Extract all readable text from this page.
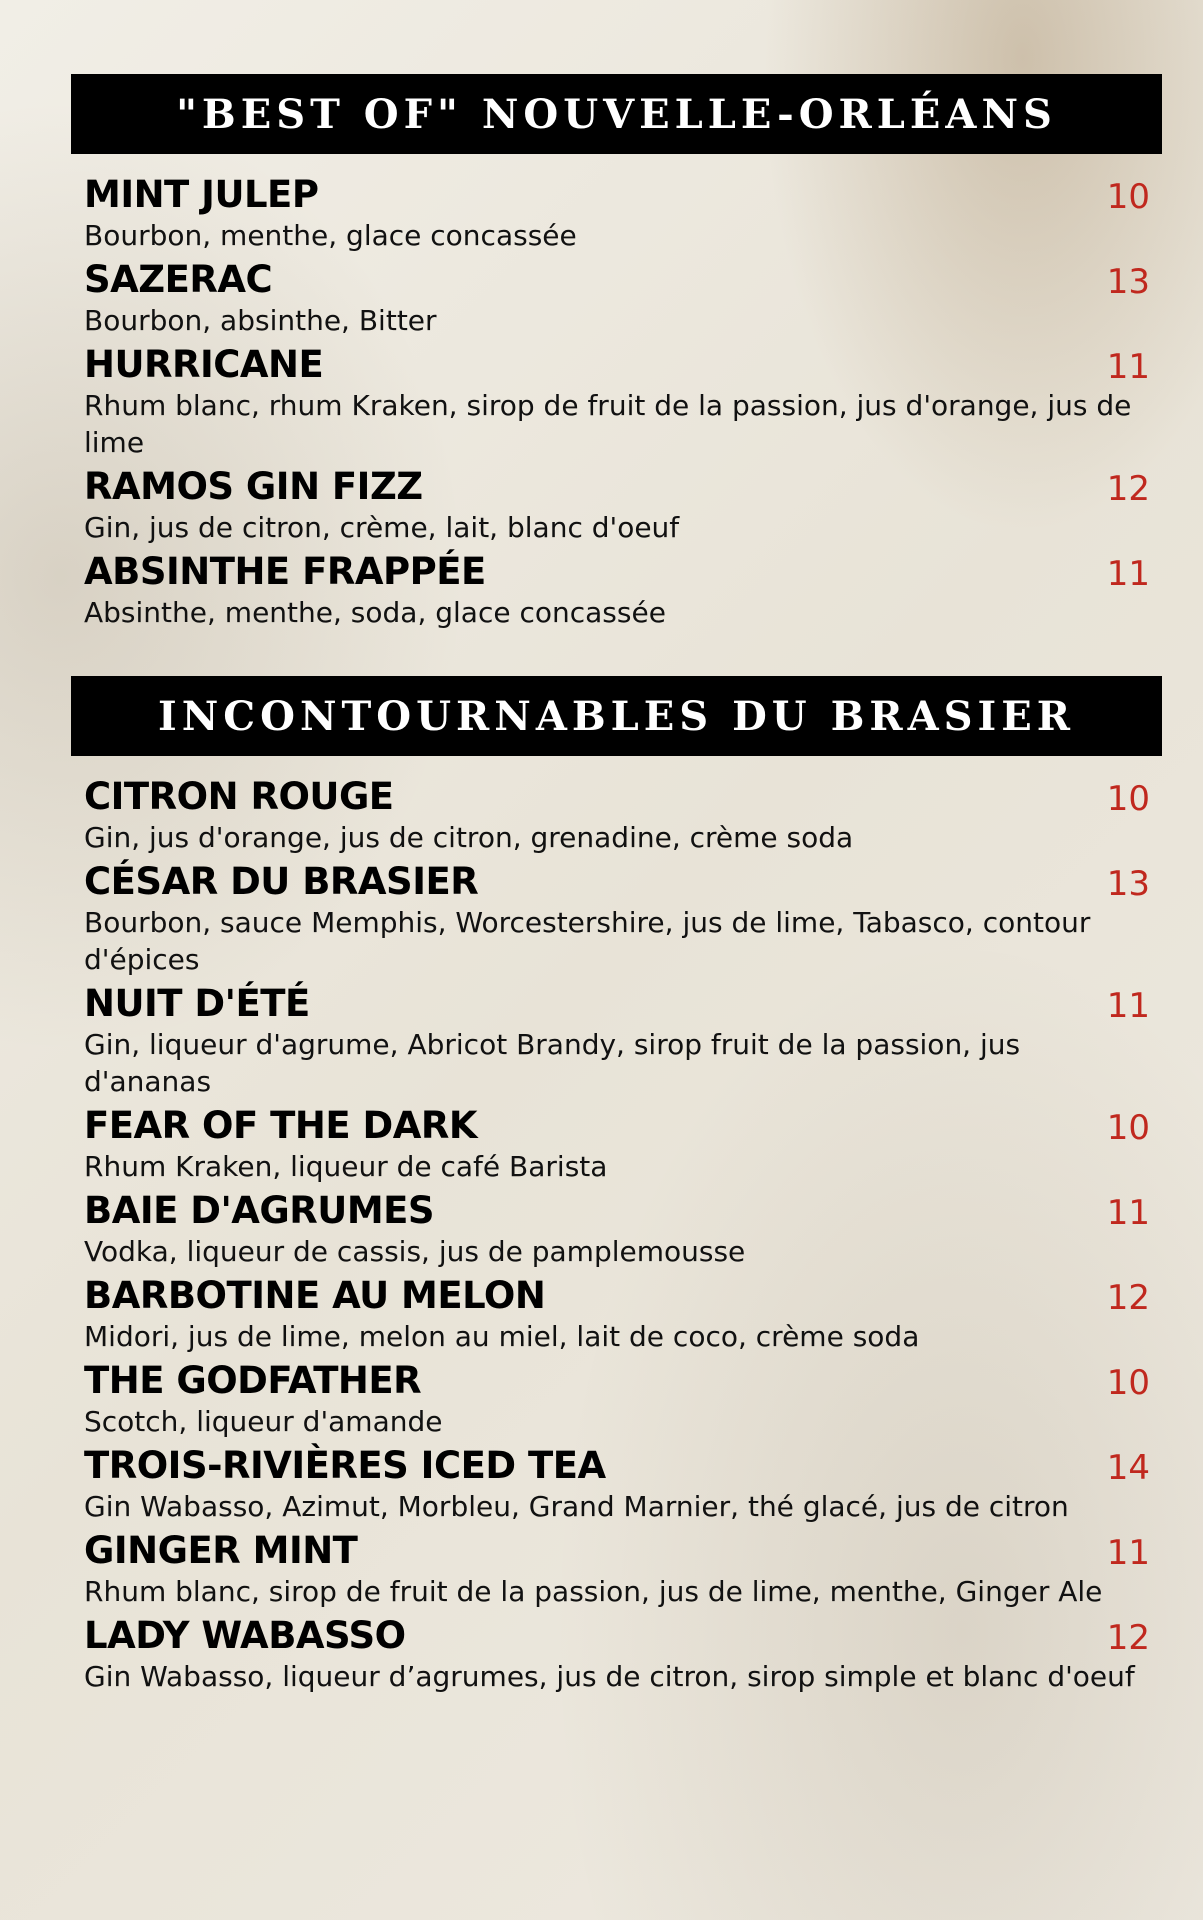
"BEST OF" NOUVELLE-ORLÉANS
MINT JULEP	10
Bourbon, menthe, glace concassée
SAZERAC	13
Bourbon, absinthe, Bitter
HURRICANE	11
Rhum blanc, rhum Kraken, sirop de fruit de la passion, jus d'orange, jus de lime
RAMOS GIN FIZZ	12
Gin, jus de citron, crème, lait, blanc d'oeuf
ABSINTHE FRAPPÉE	11
Absinthe, menthe, soda, glace concassée
INCONTOURNABLES DU BRASIER
CITRON ROUGE	10
Gin, jus d'orange, jus de citron, grenadine, crème soda
CÉSAR DU BRASIER	13
Bourbon, sauce Memphis, Worcestershire, jus de lime, Tabasco, contour d'épices
NUIT D'ÉTÉ	11
Gin, liqueur d'agrume, Abricot Brandy, sirop fruit de la passion, jus d'ananas
FEAR OF THE DARK	10
Rhum Kraken, liqueur de café Barista
BAIE D'AGRUMES	11
Vodka, liqueur de cassis, jus de pamplemousse
BARBOTINE AU MELON	12
Midori, jus de lime, melon au miel, lait de coco, crème soda
THE GODFATHER	10
Scotch, liqueur d'amande
TROIS-RIVIÈRES ICED TEA	14
Gin Wabasso, Azimut, Morbleu, Grand Marnier, thé glacé, jus de citron
GINGER MINT	11
Rhum blanc, sirop de fruit de la passion, jus de lime, menthe, Ginger Ale
LADY WABASSO	12
Gin Wabasso, liqueur d’agrumes, jus de citron, sirop simple et blanc d'oeuf
